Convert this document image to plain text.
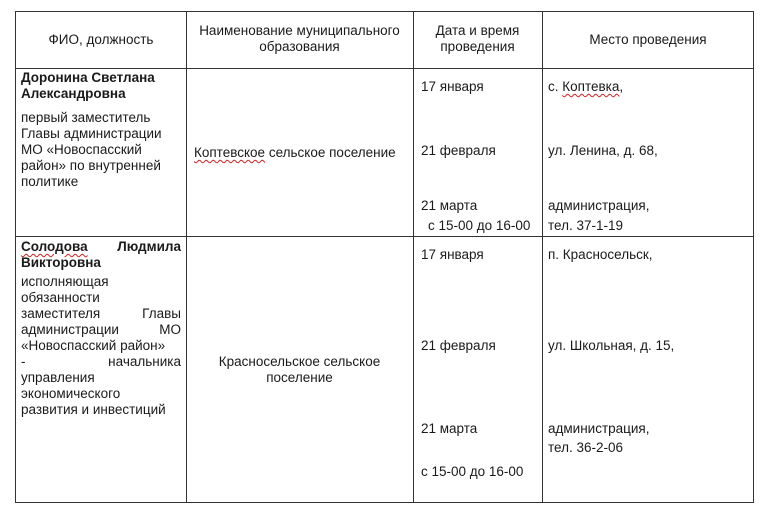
ФИО, должность
Наименование муниципального
образования
Дата и время
проведения	Место проведения
Доронина Светлана
Александровна
первый заместитель
Главы администрации
МО «Новоспасский
район» по внутренней
политике
Коптевское сельское поселение
17 января
21 февраля
21 марта
с 15-00 до 16-00
с. Коптевка,
ул. Ленина, д. 68,
администрация,
тел. 37-1-19
Солодова Людмила
Викторовна
исполняющая
обязанности
заместителя Главы
администрации МО
«Новоспасский район»
- начальника
управления
экономического
развития и инвестиций
Красносельское сельское
поселение
17 января
21 февраля
21 марта
с 15-00 до 16-00
п. Красносельск,
ул. Школьная, д. 15,
администрация,
тел. 36-2-06
